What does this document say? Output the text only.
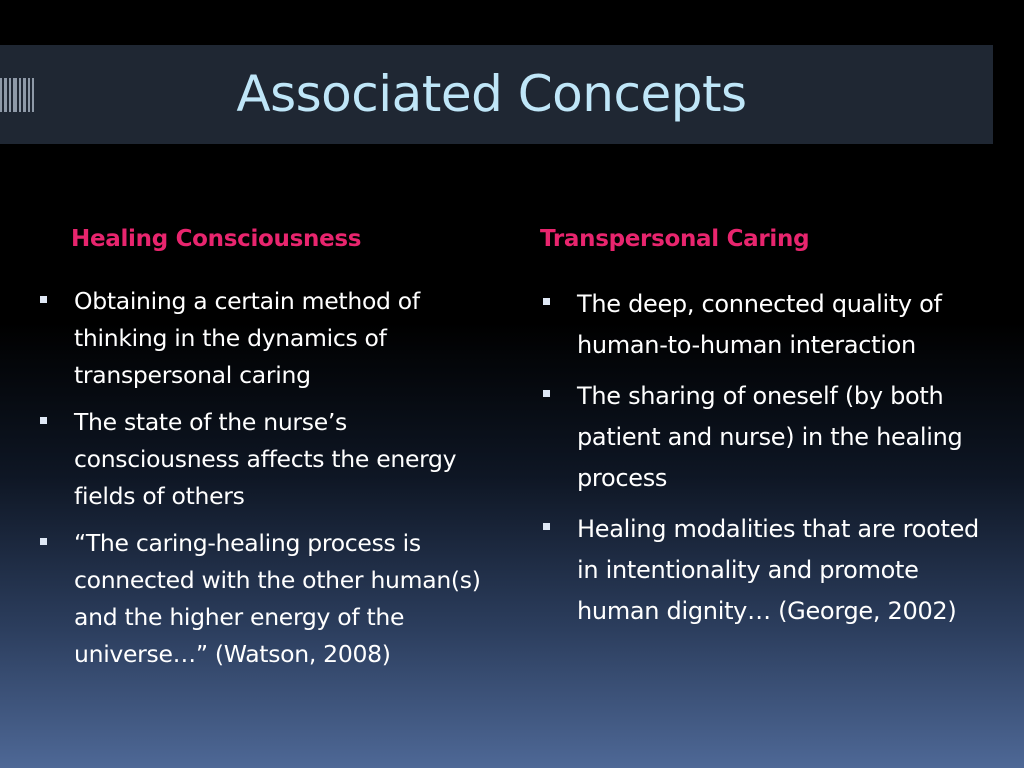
Associated Concepts
Healing Consciousness	Transpersonal Caring
Obtaining a certain method of thinking in the dynamics of transpersonal caring
The state of the nurse’s consciousness affects the energy fields of others
“The caring-healing process is connected with the other human(s) and the higher energy of the universe…” (Watson, 2008)
The deep, connected quality of human-to-human interaction
The sharing of oneself (by both patient and nurse) in the healing process
Healing modalities that are rooted in intentionality and promote human dignity… (George, 2002)
